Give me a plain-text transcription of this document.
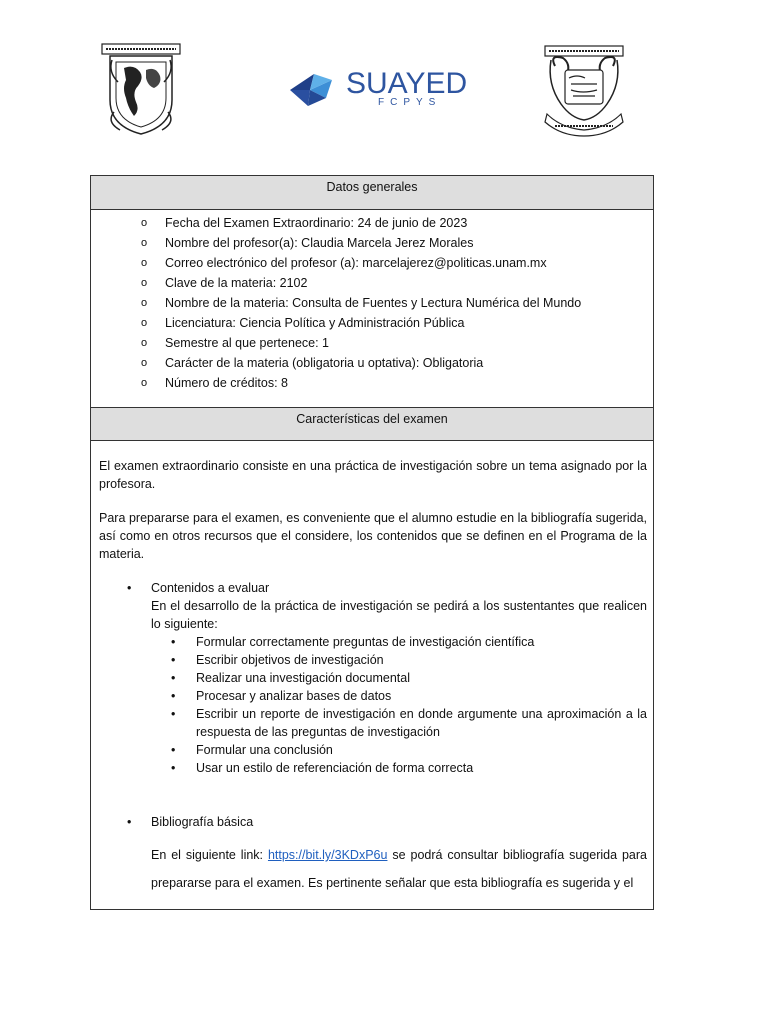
SUAYED
FCPYS
Datos generales
o Fecha del Examen Extraordinario: 24 de junio de 2023
o Nombre del profesor(a): Claudia Marcela Jerez Morales
o Correo electrónico del profesor (a): marcelajerez@politicas.unam.mx
o Clave de la materia: 2102
o Nombre de la materia: Consulta de Fuentes y Lectura Numérica del Mundo
o Licenciatura: Ciencia Política y Administración Pública
o Semestre al que pertenece: 1
o Carácter de la materia (obligatoria u optativa): Obligatoria
o Número de créditos: 8
Características del examen

El examen extraordinario consiste en una práctica de investigación sobre un tema asignado por la profesora.

Para prepararse para el examen, es conveniente que el alumno estudie en la bibliografía sugerida, así como en otros recursos que el considere, los contenidos que se definen en el Programa de la materia.

• Contenidos a evaluar
En el desarrollo de la práctica de investigación se pedirá a los sustentantes que realicen lo siguiente:
• Formular correctamente preguntas de investigación científica
• Escribir objetivos de investigación
• Realizar una investigación documental
• Procesar y analizar bases de datos
• Escribir un reporte de investigación en donde argumente una aproximación a la respuesta de las preguntas de investigación
• Formular una conclusión
• Usar un estilo de referenciación de forma correcta
• Bibliografía básica
En el siguiente link: https://bit.ly/3KDxP6u se podrá consultar bibliografía sugerida para prepararse para el examen. Es pertinente señalar que esta bibliografía es sugerida y el
